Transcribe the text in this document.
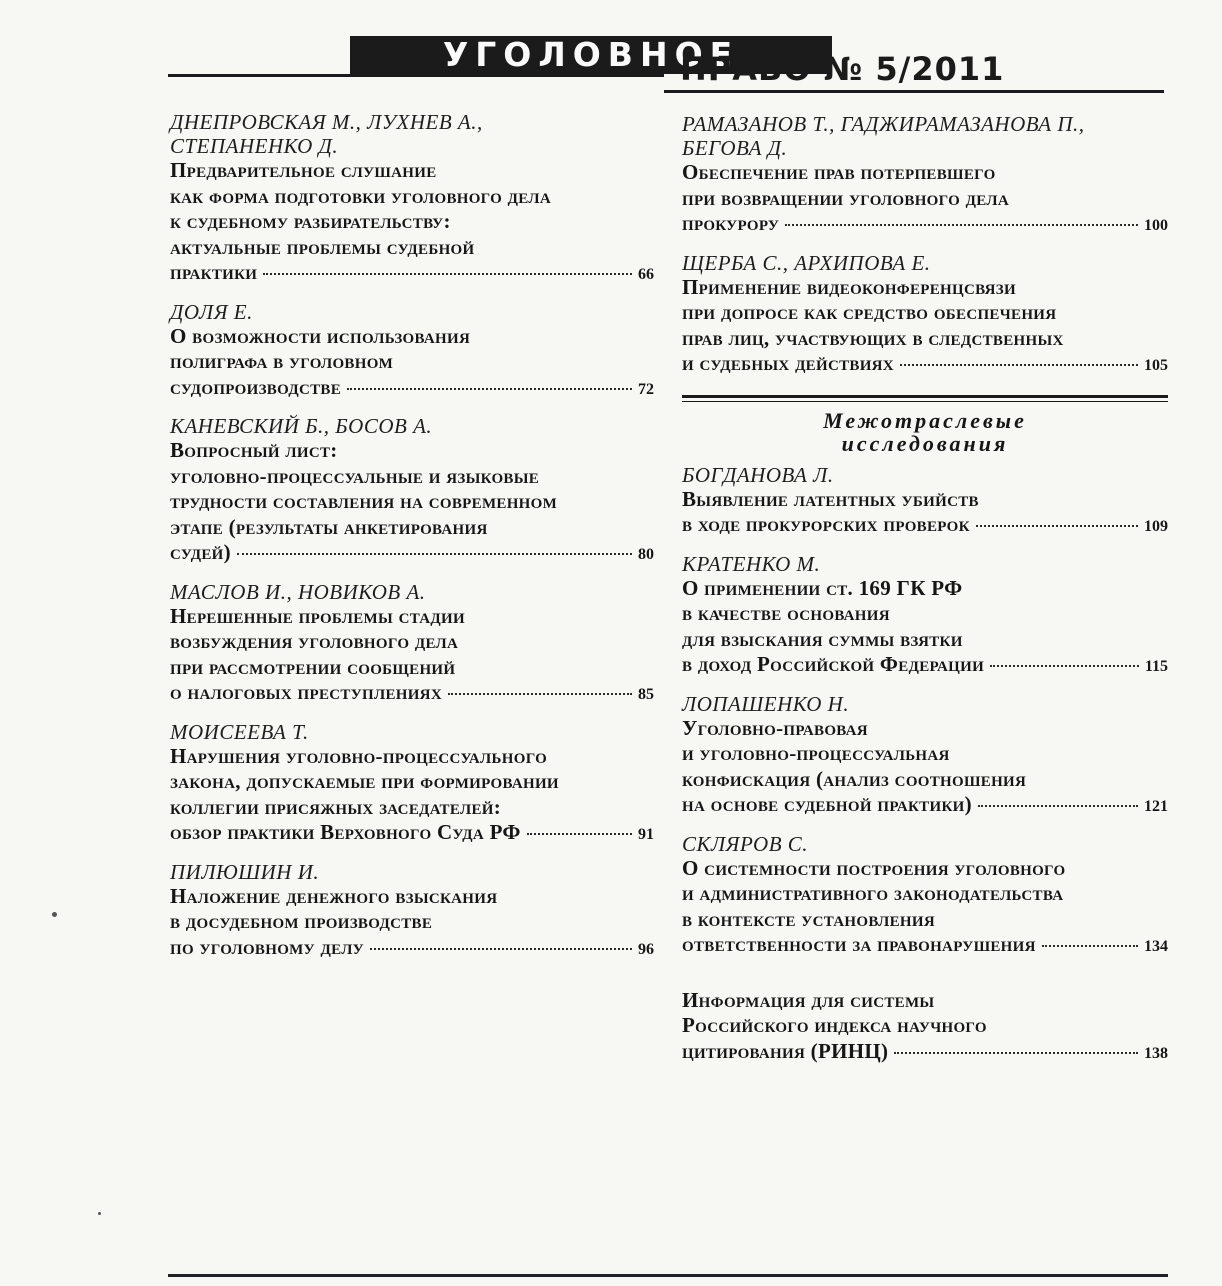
УГОЛОВНОЕ
ПРАВО № 5/2011
ДНЕПРОВСКАЯ М., ЛУХНЕВ А.,
СТЕПАНЕНКО Д.
Предварительное слушание
как форма подготовки уголовного дела
к судебному разбирательству:
актуальные проблемы судебной
практики	66
ДОЛЯ Е.
О возможности использования
полиграфа в уголовном
судопроизводстве	72
КАНЕВСКИЙ Б., БОСОВ А.
Вопросный лист:
уголовно-процессуальные и языковые
трудности составления на современном
этапе (результаты анкетирования
судей)	80
МАСЛОВ И., НОВИКОВ А.
Нерешенные проблемы стадии
возбуждения уголовного дела
при рассмотрении сообщений
о налоговых преступлениях	85
МОИСЕЕВА Т.
Нарушения уголовно-процессуального
закона, допускаемые при формировании
коллегии присяжных заседателей:
обзор практики Верховного Суда РФ	91
ПИЛЮШИН И.
Наложение денежного взыскания
в досудебном производстве
по уголовному делу	96
РАМАЗАНОВ Т., ГАДЖИРАМАЗАНОВА П.,
БЕГОВА Д.
Обеспечение прав потерпевшего
при возвращении уголовного дела
прокурору	100
ЩЕРБА С., АРХИПОВА Е.
Применение видеоконференцсвязи
при допросе как средство обеспечения
прав лиц, участвующих в следственных
и судебных действиях	105
Межотраслевые
исследования
БОГДАНОВА Л.
Выявление латентных убийств
в ходе прокурорских проверок	109
КРАТЕНКО М.
О применении ст. 169 ГК РФ
в качестве основания
для взыскания суммы взятки
в доход Российской Федерации	115
ЛОПАШЕНКО Н.
Уголовно-правовая
и уголовно-процессуальная
конфискация (анализ соотношения
на основе судебной практики)	121
СКЛЯРОВ С.
О системности построения уголовного
и административного законодательства
в контексте установления
ответственности за правонарушения	134
Информация для системы
Российского индекса научного
цитирования (РИНЦ)	138
